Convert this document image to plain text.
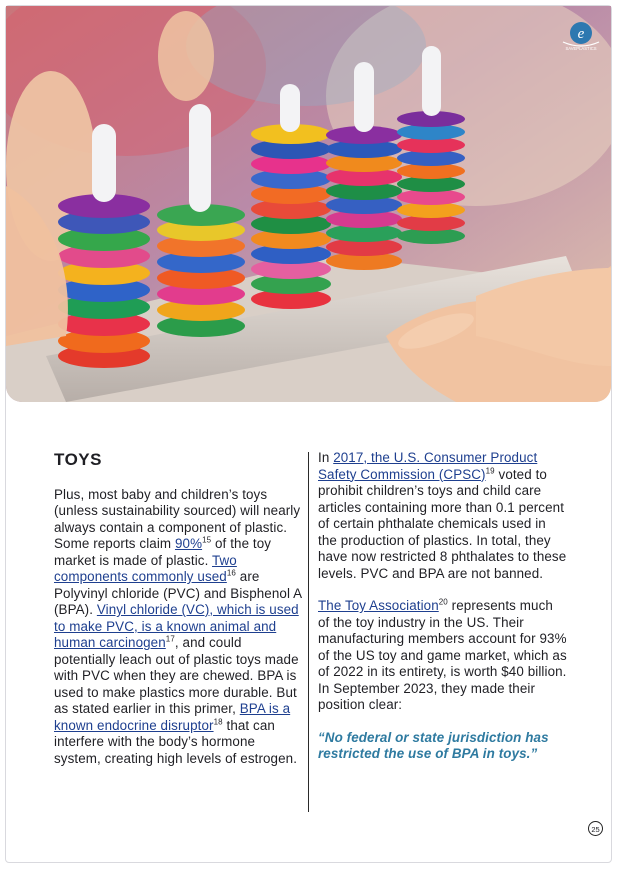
e
SAVEPLASTICS
TOYS

Plus, most baby and children’s toys (unless sustainability sourced) will nearly always contain a component of plastic. Some reports claim 90%$^{15}$ of the toy market is made of plastic. Two components commonly used$^{16}$ are Polyvinyl chloride (PVC) and Bisphenol A (BPA). Vinyl chloride (VC), which is used to make PVC, is a known animal and human carcinogen$^{17}$, and could potentially leach out of plastic toys made with PVC when they are chewed. BPA is used to make plastics more durable. But as stated earlier in this primer, BPA is a known endocrine disruptor$^{18}$ that can interfere with the body’s hormone system, creating high levels of estrogen.

In 2017, the U.S. Consumer Product Safety Commission (CPSC)$^{19}$ voted to prohibit children’s toys and child care articles containing more than 0.1 percent of certain phthalate chemicals used in the production of plastics. In total, they have now restricted 8 phthalates to these levels. PVC and BPA are not banned.

The Toy Association$^{20}$ represents much of the toy industry in the US. Their manufacturing members account for 93% of the US toy and game market, which as of 2022 in its entirety, is worth $40 billion. In September 2023, they made their position clear:

“No federal or state jurisdiction has restricted the use of BPA in toys.”

25
